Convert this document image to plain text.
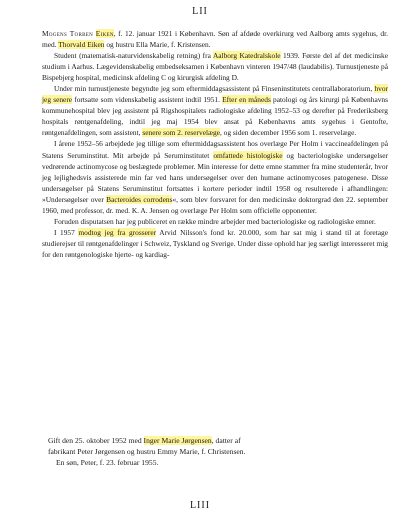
LII

Mogens Torben Eiken, f. 12. januar 1921 i København. Søn af afdøde overkirurg ved Aalborg amts sygehus, dr. med. Thorvald Eiken og hustru Ella Marie, f. Kristensen.

Student (matematisk-naturvidenskabelig retning) fra Aalborg Katedralskole 1939. Første del af det medicinske studium i Aarhus. Lægevidenskabelig embedseksamen i København vinteren 1947/48 (laudabilis). Turnustjeneste på Bispebjerg hospital, medicinsk afdeling C og kirurgisk afdeling D.

Under min turnustjeneste begyndte jeg som eftermiddagsassistent på Finseninstitutets centrallaboratorium, hvor jeg senere fortsatte som videnskabelig assistent indtil 1951. Efter en måneds patologi og års kirurgi på Københavns kommunehospital blev jeg assistent på Rigshospitalets radiologiske afdeling 1952–53 og derefter på Frederiksberg hospitals røntgenafdeling, indtil jeg maj 1954 blev ansat på Københavns amts sygehus i Gentofte, røntgenafdelingen, som assistent, senere som 2. reservelæge, og siden december 1956 som 1. reservelæge.

I årene 1952–56 arbejdede jeg tillige som eftermiddagsassistent hos overlæge Per Holm i vaccineafdelingen på Statens Seruminstitut. Mit arbejde på Seruminstitutet omfattede histologiske og bacteriologiske undersøgelser vedrørende actinomycose og beslægtede problemer. Min interesse for dette emne stammer fra mine studenterår, hvor jeg lejlighedsvis assisterede min far ved hans undersøgelser over den humane actinomycoses patogenese. Disse undersøgelser på Statens Seruminstitut fortsattes i kortere perioder indtil 1958 og resulterede i afhandlingen: »Undersøgelser over Bacteroides corrodens«, som blev forsvaret for den medicinske doktorgrad den 22. september 1960, med professor, dr. med. K. A. Jensen og overlæge Per Holm som officielle opponenter.

Foruden disputatsen har jeg publiceret en række mindre arbejder med bacteriologiske og radiologiske emner.

I 1957 modtog jeg fra grosserer Arvid Nilsson's fond kr. 20.000, som har sat mig i stand til at foretage studierejser til røntgenafdelinger i Schweiz, Tyskland og Sverige. Under disse ophold har jeg særligt interesseret mig for den røntgenologiske hjerte- og kardiag-

Gift den 25. oktober 1952 med Inger Marie Jørgensen, datter af

fabrikant Peter Jørgensen og hustru Emmy Marie, f. Christensen.

En søn, Peter, f. 23. februar 1955.

LIII
